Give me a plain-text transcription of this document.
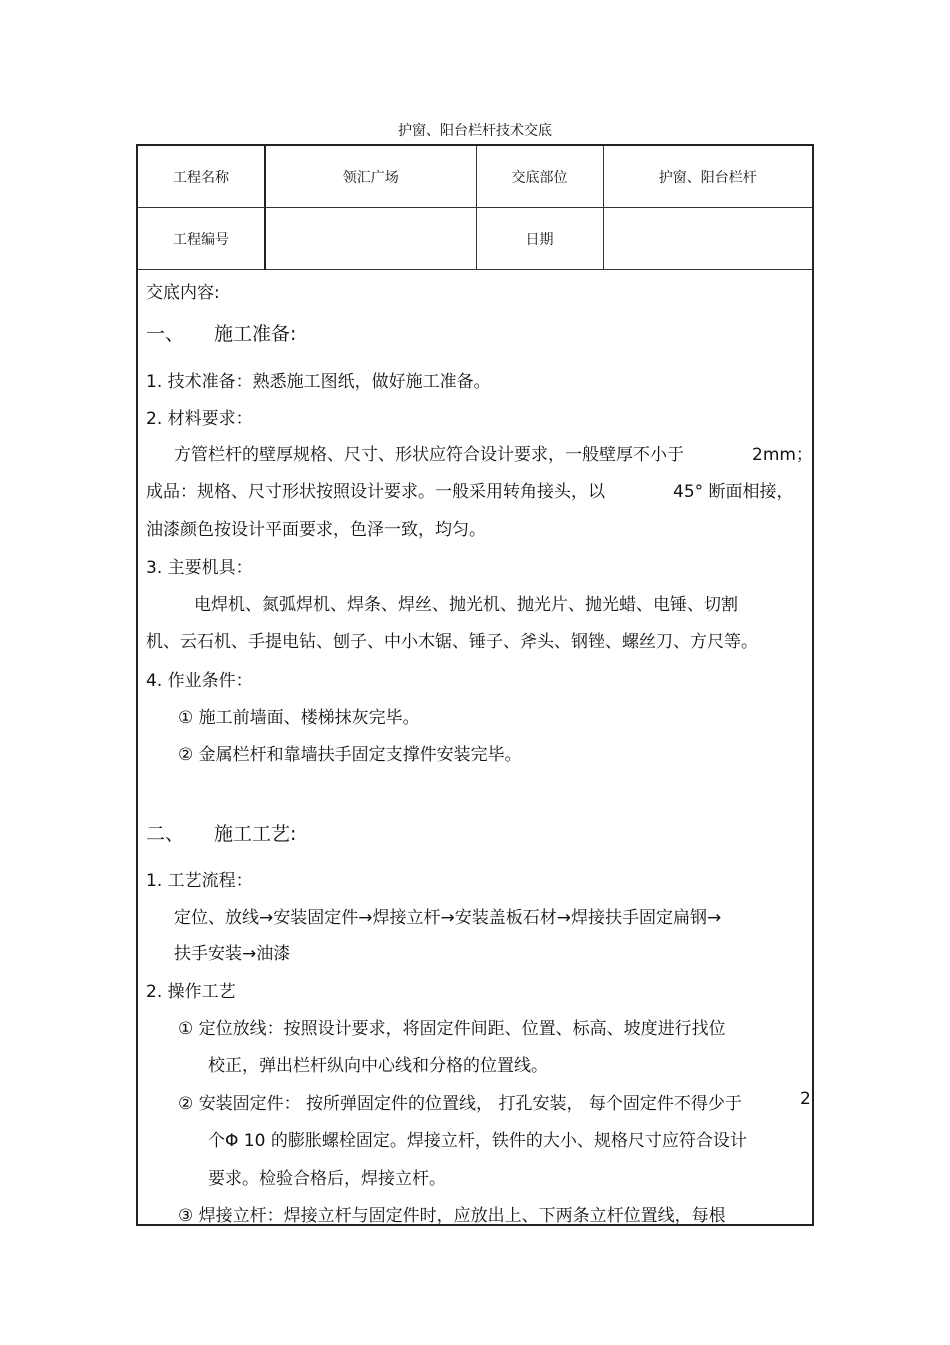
护窗、阳台栏杆技术交底
工程名称	领汇广场	交底部位	护窗、阳台栏杆
工程编号		日期	
交底内容:
一、 施工准备:
1. 技术准备：熟悉施工图纸，做好施工准备。
2. 材料要求：
方管栏杆的壁厚规格、尺寸、形状应符合设计要求，一般壁厚不小于	2mm；
成品：规格、尺寸形状按照设计要求。一般采用转角接头，以	45° 断面相接，
油漆颜色按设计平面要求，色泽一致，均匀。
3. 主要机具：
电焊机、氮弧焊机、焊条、焊丝、抛光机、抛光片、抛光蜡、电锤、切割
机、云石机、手提电钻、刨子、中小木锯、锤子、斧头、钢锉、螺丝刀、方尺等。
4. 作业条件：
① 施工前墙面、楼梯抹灰完毕。
② 金属栏杆和靠墙扶手固定支撑件安装完毕。
二、 施工工艺:
1. 工艺流程：
定位、放线→安装固定件→焊接立杆→安装盖板石材→焊接扶手固定扁钢→
扶手安装→油漆
2. 操作工艺
① 定位放线：按照设计要求，将固定件间距、位置、标高、坡度进行找位
校正，弹出栏杆纵向中心线和分格的位置线。
② 安装固定件： 按所弹固定件的位置线， 打孔安装， 每个固定件不得少于	2
个Φ 10 的膨胀螺栓固定。焊接立杆，铁件的大小、规格尺寸应符合设计
要求。检验合格后，焊接立杆。
③ 焊接立杆：焊接立杆与固定件时，应放出上、下两条立杆位置线，每根
